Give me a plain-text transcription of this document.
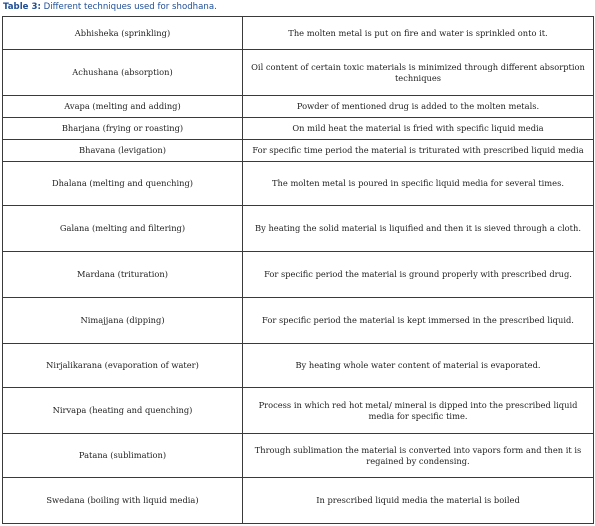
Table 3: Different techniques used for shodhana.
Abhisheka (sprinkling)	The molten metal is put on fire and water is sprinkled onto it.
Achushana (absorption)	Oil content of certain toxic materials is minimized through different absorption techniques
Avapa (melting and adding)	Powder of mentioned drug is added to the molten metals.
Bharjana (frying or roasting)	On mild heat the material is fried with specific liquid media
Bhavana (levigation)	For specific time period the material is triturated with prescribed liquid media
Dhalana (melting and quenching)	The molten metal is poured in specific liquid media for several times.
Galana (melting and filtering)	By heating the solid material is liquified and then it is sieved through a cloth.
Mardana (trituration)	For specific period the material is ground properly with prescribed drug.
Nimajjana (dipping)	For specific period the material is kept immersed in the prescribed liquid.
Nirjalikarana (evaporation of water)	By heating whole water content of material is evaporated.
Nirvapa (heating and quenching)	Process in which red hot metal/ mineral is dipped into the prescribed liquid media for specific time.
Patana (sublimation)	Through sublimation the material is converted into vapors form and then it is regained by condensing.
Swedana (boiling with liquid media)	In prescribed liquid media the material is boiled
